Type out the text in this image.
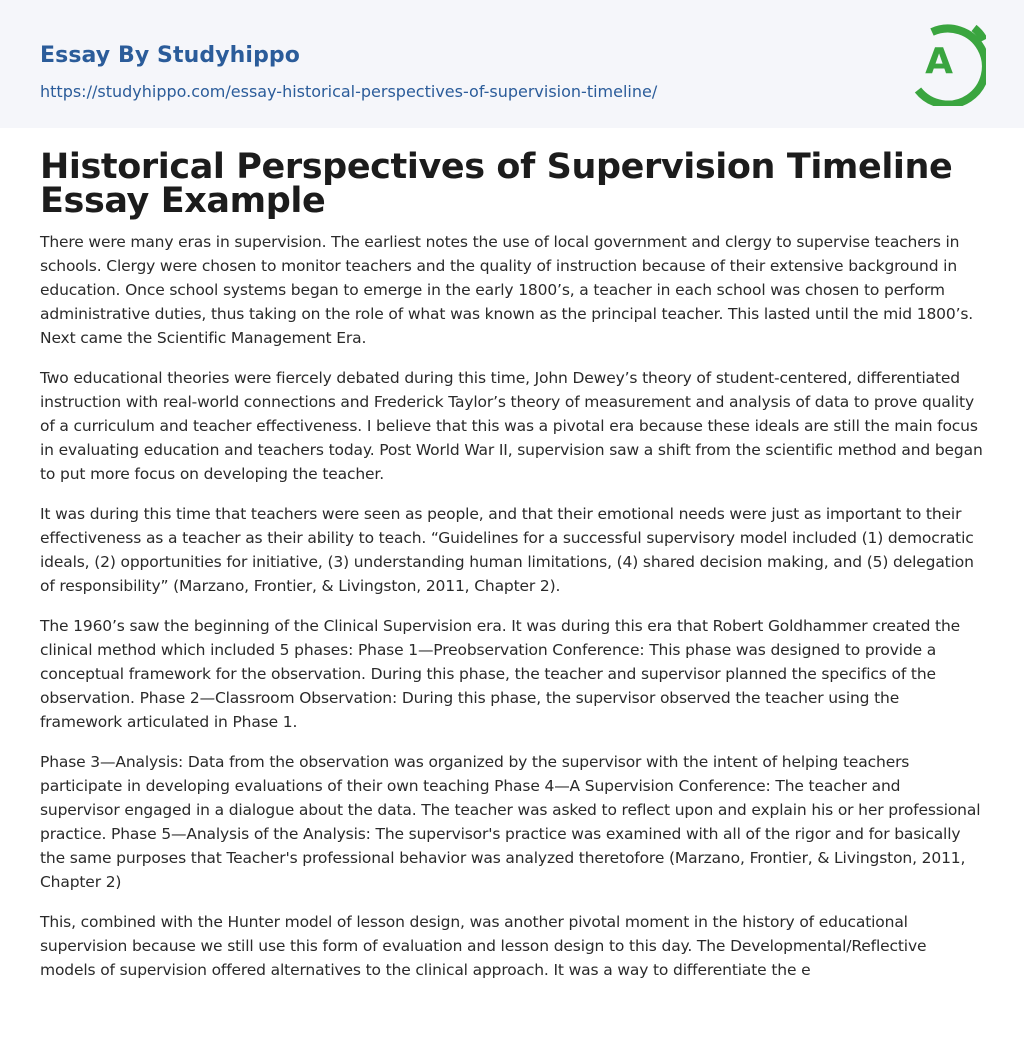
Essay By Studyhippo
https://studyhippo.com/essay-historical-perspectives-of-supervision-timeline/
A
Historical Perspectives of Supervision Timeline Essay Example

There were many eras in supervision. The earliest notes the use of local government and clergy to supervise teachers in schools. Clergy were chosen to monitor teachers and the quality of instruction because of their extensive background in education. Once school systems began to emerge in the early 1800’s, a teacher in each school was chosen to perform administrative duties, thus taking on the role of what was known as the principal teacher. This lasted until the mid 1800’s. Next came the Scientific Management Era.

Two educational theories were fiercely debated during this time, John Dewey’s theory of student-centered, differentiated instruction with real-world connections and Frederick Taylor’s theory of measurement and analysis of data to prove quality of a curriculum and teacher effectiveness. I believe that this was a pivotal era because these ideals are still the main focus in evaluating education and teachers today. Post World War II, supervision saw a shift from the scientific method and began to put more focus on developing the teacher.

It was during this time that teachers were seen as people, and that their emotional needs were just as important to their effectiveness as a teacher as their ability to teach. “Guidelines for a successful supervisory model included (1) democratic ideals, (2) opportunities for initiative, (3) understanding human limitations, (4) shared decision making, and (5) delegation of responsibility” (Marzano, Frontier, & Livingston, 2011, Chapter 2).

The 1960’s saw the beginning of the Clinical Supervision era. It was during this era that Robert Goldhammer created the clinical method which included 5 phases: Phase 1—Preobservation Conference: This phase was designed to provide a conceptual framework for the observation. During this phase, the teacher and supervisor planned the specifics of the observation. Phase 2—Classroom Observation: During this phase, the supervisor observed the teacher using the framework articulated in Phase 1.

Phase 3—Analysis: Data from the observation was organized by the supervisor with the intent of helping teachers participate in developing evaluations of their own teaching Phase 4—A Supervision Conference: The teacher and supervisor engaged in a dialogue about the data. The teacher was asked to reflect upon and explain his or her professional practice. Phase 5—Analysis of the Analysis: The supervisor's practice was examined with all of the rigor and for basically the same purposes that Teacher's professional behavior was analyzed theretofore (Marzano, Frontier, & Livingston, 2011, Chapter 2)

This, combined with the Hunter model of lesson design, was another pivotal moment in the history of educational supervision because we still use this form of evaluation and lesson design to this day. The Developmental/Reflective models of supervision offered alternatives to the clinical approach. It was a way to differentiate the e
